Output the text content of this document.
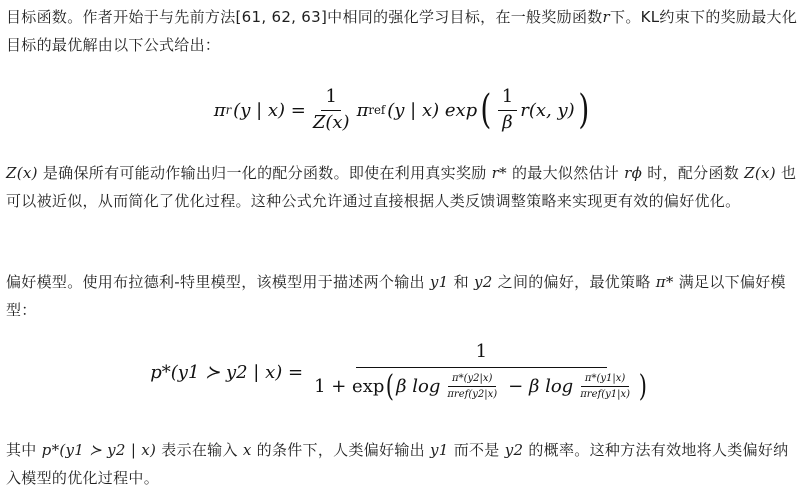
目标函数。作者开始于与先前方法[61, 62, 63]中相同的强化学习目标，在一般奖励函数r下。KL约束下的奖励最大化目标的最优解由以下公式给出：

π r (y | $x) = \frac{1}{Z(x)}$ π ref (y | x) exp ( $\frac{1}{\beta} r(x$, y) )

Z(x) 是确保所有可能动作输出归一化的配分函数。即使在利用真实奖励 r* 的最大似然估计 rϕ 时，配分函数 Z(x) 也可以被近似，从而简化了优化过程。这种公式允许通过直接根据人类反馈调整策略来实现更有效的偏好优化。

偏好模型。使用布拉德利-特里模型，该模型用于描述两个输出 y1 和 y2 之间的偏好，最优策略 π* 满足以下偏好模型：

p*(y1 ≻ y2 | x) =
1
1 + exp ( β $\log \frac{\pi*(y2|x)}{\text{πref(y2|x)}} - \beta$ $\log \frac{\pi*(y1|x)}{\text{πref(y1|x)}}$ )

其中 p*(y1 ≻ y2 | x) 表示在输入 x 的条件下，人类偏好输出 y1 而不是 y2 的概率。这种方法有效地将人类偏好纳入模型的优化过程中。
